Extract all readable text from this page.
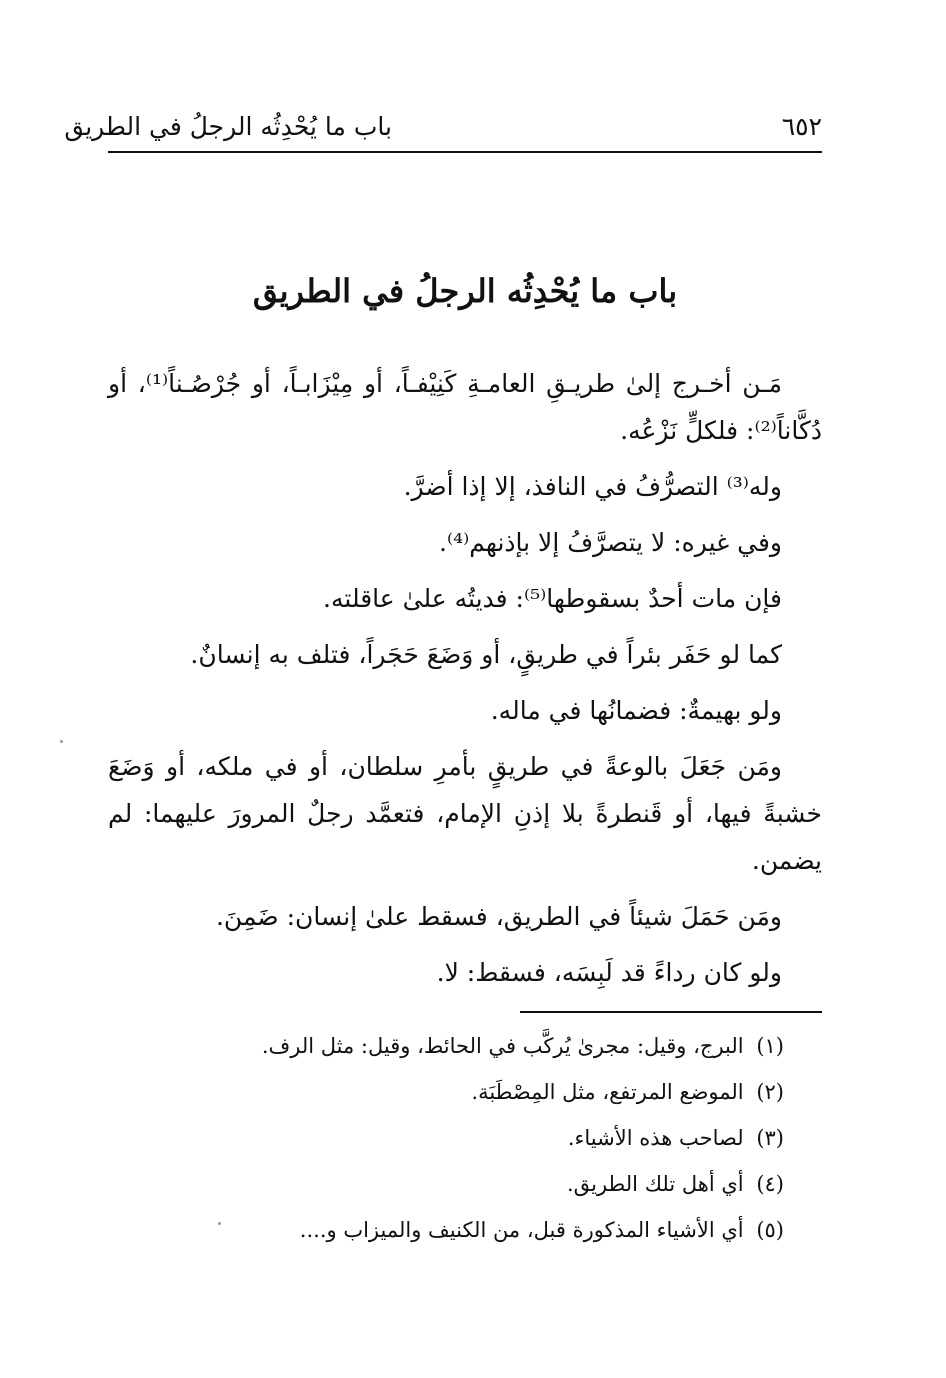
باب ما يُحْدِثُه الرجلُ في الطريق	٦٥٢
باب ما يُحْدِثُه الرجلُ في الطريق

مَـن أخـرج إلىٰ طريـقِ العامـةِ كَنِيْفـاً، أو مِيْزَابـاً، أو جُرْصُـناً⁽¹⁾، أو دُكَّاناً⁽²⁾: فلكلٍّ نَزْعُه.

وله⁽³⁾ التصرُّفُ في النافذ، إلا إذا أضرَّ.

وفي غيره: لا يتصرَّفُ إلا بإذنهم⁽⁴⁾.

فإن مات أحدٌ بسقوطها⁽⁵⁾: فديتُه علىٰ عاقلته.

كما لو حَفَر بئراً في طريقٍ، أو وَضَعَ حَجَراً، فتلف به إنسانٌ.

ولو بهيمةٌ: فضمانُها في ماله.

ومَن جَعَلَ بالوعةً في طريقٍ بأمرِ سلطان، أو في ملكه، أو وَضَعَ خشبةً فيها، أو قَنطرةً بلا إذنِ الإمام، فتعمَّد رجلٌ المرورَ عليهما: لم يضمن.

ومَن حَمَلَ شيئاً في الطريق، فسقط علىٰ إنسان: ضَمِنَ.

ولو كان رداءً قد لَبِسَه، فسقط: لا.

(١) البرج، وقيل: مجرىٰ يُركَّب في الحائط، وقيل: مثل الرف.
(٢) الموضع المرتفع، مثل المِصْطَبَة.
(٣) لصاحب هذه الأشياء.
(٤) أي أهل تلك الطريق.
(٥) أي الأشياء المذكورة قبل، من الكنيف والميزاب و....
